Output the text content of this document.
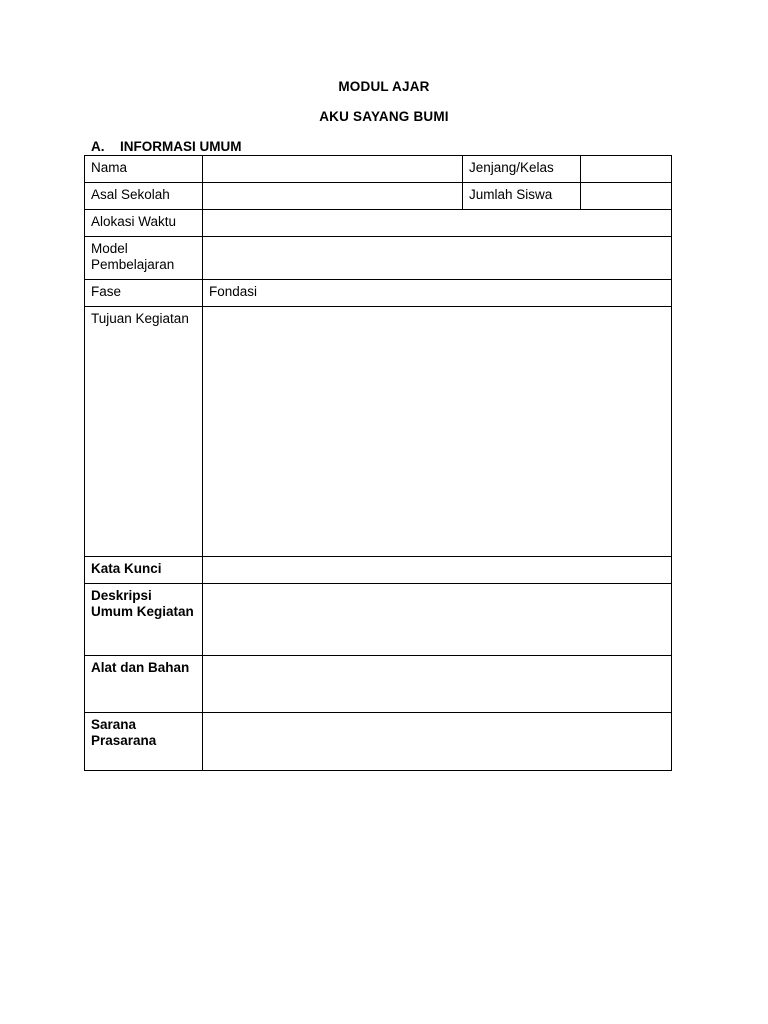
MODUL AJAR
AKU SAYANG BUMI
A. INFORMASI UMUM
Nama		Jenjang/Kelas	
Asal Sekolah		Jumlah Siswa	
Alokasi Waktu			
Model Pembelajaran			
Fase	Fondasi		
Tujuan Kegiatan			
Kata Kunci			
Deskripsi Umum Kegiatan			
Alat dan Bahan			
Sarana Prasarana			
